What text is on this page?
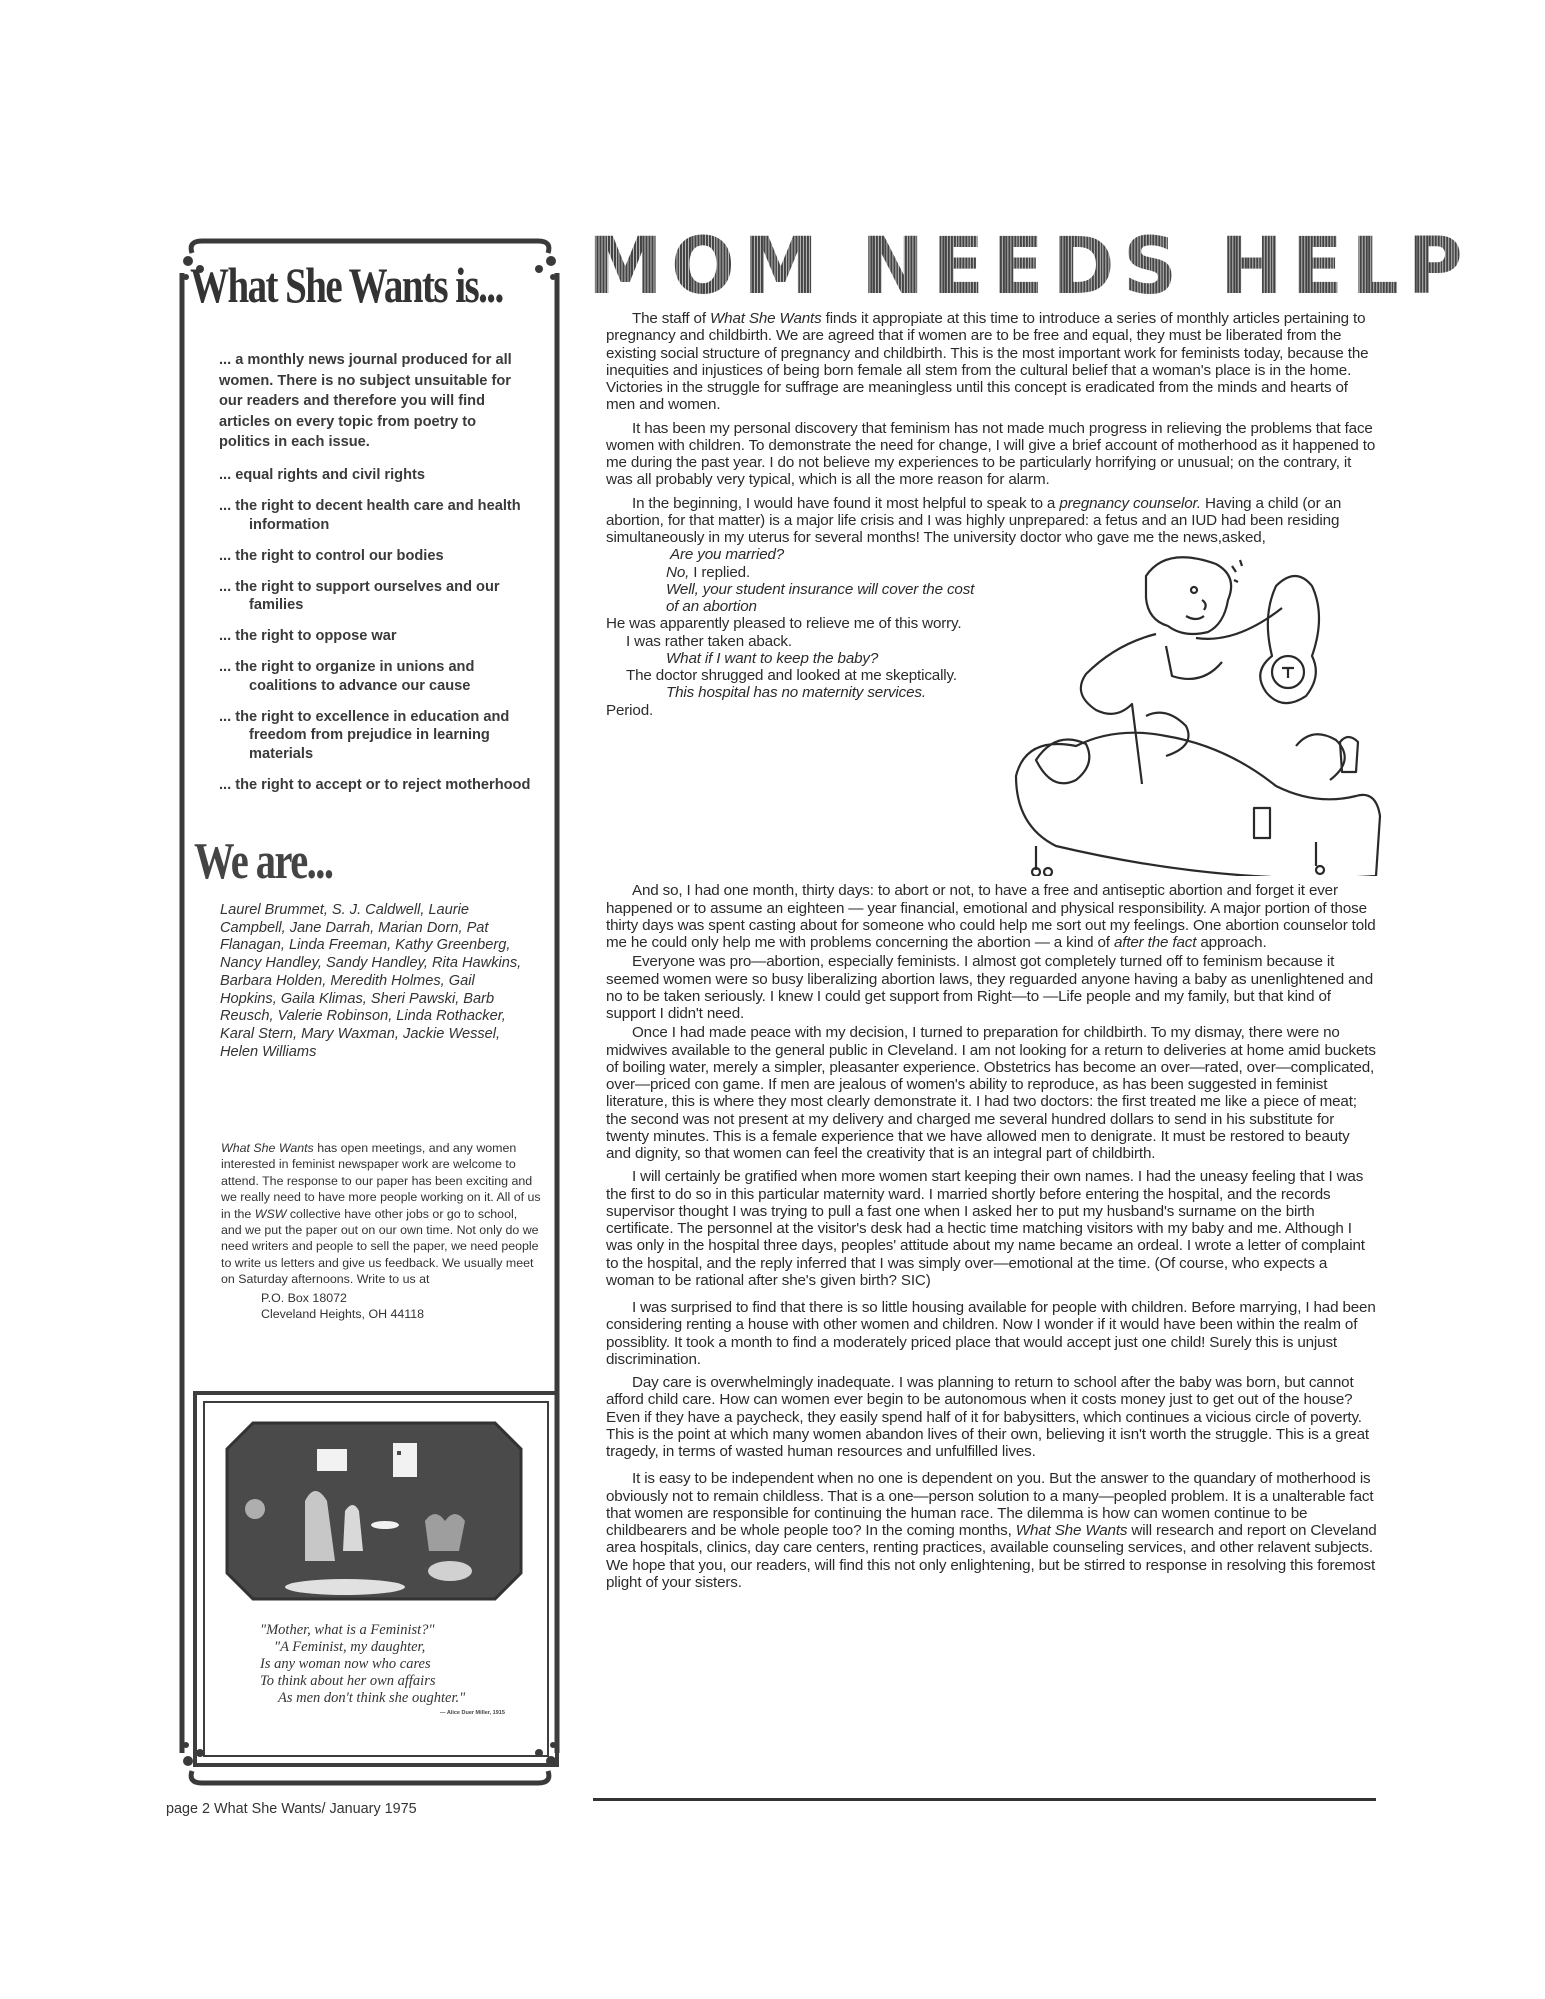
What She Wants is...
... a monthly news journal produced for all women. There is no subject unsuitable for our readers and therefore you will find articles on every topic from poetry to politics in each issue.
... equal rights and civil rights
... the right to decent health care and health information
... the right to control our bodies
... the right to support ourselves and our families
... the right to oppose war
... the right to organize in unions and coalitions to advance our cause
... the right to excellence in education and freedom from prejudice in learning materials
... the right to accept or to reject motherhood
We are...
Laurel Brummet, S. J. Caldwell, Laurie Campbell, Jane Darrah, Marian Dorn, Pat Flanagan, Linda Freeman, Kathy Greenberg, Nancy Handley, Sandy Handley, Rita Hawkins, Barbara Holden, Meredith Holmes, Gail Hopkins, Gaila Klimas, Sheri Pawski, Barb Reusch, Valerie Robinson, Linda Rothacker, Karal Stern, Mary Waxman, Jackie Wessel, Helen Williams
What She Wants has open meetings, and any women interested in feminist newspaper work are welcome to attend. The response to our paper has been exciting and we really need to have more people working on it. All of us in the WSW collective have other jobs or go to school, and we put the paper out on our own time. Not only do we need writers and people to sell the paper, we need people to write us letters and give us feedback. We usually meet on Saturday afternoons. Write to us at
P.O. Box 18072
Cleveland Heights, OH 44118
"Mother, what is a Feminist?"
"A Feminist, my daughter,
Is any woman now who cares
To think about her own affairs
As men don't think she oughter."
— Alice Duer Miller, 1915
page 2 What She Wants/ January 1975
MOM NEEDS HELP

The staff of What She Wants finds it appropiate at this time to introduce a series of monthly articles pertaining to pregnancy and childbirth. We are agreed that if women are to be free and equal, they must be liberated from the existing social structure of pregnancy and childbirth. This is the most important work for feminists today, because the inequities and injustices of being born female all stem from the cultural belief that a woman's place is in the home. Victories in the struggle for suffrage are meaningless until this concept is eradicated from the minds and hearts of men and women.

It has been my personal discovery that feminism has not made much progress in relieving the problems that face women with children. To demonstrate the need for change, I will give a brief account of motherhood as it happened to me during the past year. I do not believe my experiences to be particularly horrifying or unusual; on the contrary, it was all probably very typical, which is all the more reason for alarm.

In the beginning, I would have found it most helpful to speak to a pregnancy counselor. Having a child (or an abortion, for that matter) is a major life crisis and I was highly unprepared: a fetus and an IUD had been residing simultaneously in my uterus for several months! The university doctor who gave me the news,asked,

Are you married?
No, I replied.
Well, your student insurance will cover the cost
of an abortion
He was apparently pleased to relieve me of this worry.
I was rather taken aback.
What if I want to keep the baby?
The doctor shrugged and looked at me skeptically.
This hospital has no maternity services.
Period.

And so, I had one month, thirty days: to abort or not, to have a free and antiseptic abortion and forget it ever happened or to assume an eighteen — year financial, emotional and physical responsibility. A major portion of those thirty days was spent casting about for someone who could help me sort out my feelings. One abortion counselor told me he could only help me with problems concerning the abortion — a kind of after the fact approach.

Everyone was pro—abortion, especially feminists. I almost got completely turned off to feminism because it seemed women were so busy liberalizing abortion laws, they reguarded anyone having a baby as unenlightened and no to be taken seriously. I knew I could get support from Right—to —Life people and my family, but that kind of support I didn't need.

Once I had made peace with my decision, I turned to preparation for childbirth. To my dismay, there were no midwives available to the general public in Cleveland. I am not looking for a return to deliveries at home amid buckets of boiling water, merely a simpler, pleasanter experience. Obstetrics has become an over—rated, over—complicated, over—priced con game. If men are jealous of women's ability to reproduce, as has been suggested in feminist literature, this is where they most clearly demonstrate it. I had two doctors: the first treated me like a piece of meat; the second was not present at my delivery and charged me several hundred dollars to send in his substitute for twenty minutes. This is a female experience that we have allowed men to denigrate. It must be restored to beauty and dignity, so that women can feel the creativity that is an integral part of childbirth.

I will certainly be gratified when more women start keeping their own names. I had the uneasy feeling that I was the first to do so in this particular maternity ward. I married shortly before entering the hospital, and the records supervisor thought I was trying to pull a fast one when I asked her to put my husband's surname on the birth certificate. The personnel at the visitor's desk had a hectic time matching visitors with my baby and me. Although I was only in the hospital three days, peoples' attitude about my name became an ordeal. I wrote a letter of complaint to the hospital, and the reply inferred that I was simply over—emotional at the time. (Of course, who expects a woman to be rational after she's given birth? SIC)

I was surprised to find that there is so little housing available for people with children. Before marrying, I had been considering renting a house with other women and children. Now I wonder if it would have been within the realm of possiblity. It took a month to find a moderately priced place that would accept just one child! Surely this is unjust discrimination.

Day care is overwhelmingly inadequate. I was planning to return to school after the baby was born, but cannot afford child care. How can women ever begin to be autonomous when it costs money just to get out of the house? Even if they have a paycheck, they easily spend half of it for babysitters, which continues a vicious circle of poverty. This is the point at which many women abandon lives of their own, believing it isn't worth the struggle. This is a great tragedy, in terms of wasted human resources and unfulfilled lives.

It is easy to be independent when no one is dependent on you. But the answer to the quandary of motherhood is obviously not to remain childless. That is a one—person solution to a many—peopled problem. It is a unalterable fact that women are responsible for continuing the human race. The dilemma is how can women continue to be childbearers and be whole people too? In the coming months, What She Wants will research and report on Cleveland area hospitals, clinics, day care centers, renting practices, available counseling services, and other relavent subjects. We hope that you, our readers, will find this not only enlightening, but be stirred to response in resolving this foremost plight of your sisters.
